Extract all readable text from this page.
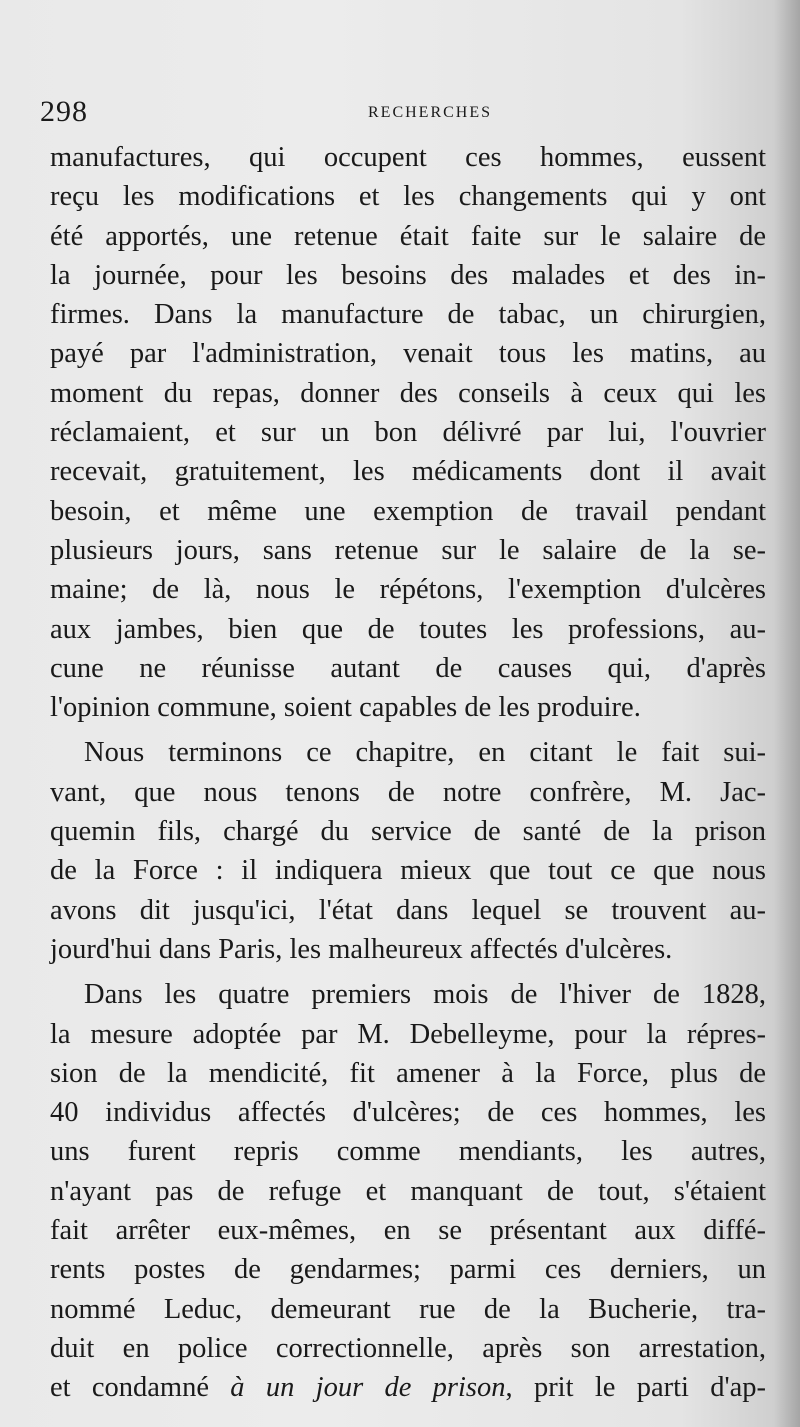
298	RECHERCHES
manufactures, qui occupent ces hommes, eussent
reçu les modifications et les changements qui y ont
été apportés, une retenue était faite sur le salaire de
la journée, pour les besoins des malades et des in-
firmes. Dans la manufacture de tabac, un chirurgien,
payé par l'administration, venait tous les matins, au
moment du repas, donner des conseils à ceux qui les
réclamaient, et sur un bon délivré par lui, l'ouvrier
recevait, gratuitement, les médicaments dont il avait
besoin, et même une exemption de travail pendant
plusieurs jours, sans retenue sur le salaire de la se-
maine; de là, nous le répétons, l'exemption d'ulcères
aux jambes, bien que de toutes les professions, au-
cune ne réunisse autant de causes qui, d'après
l'opinion commune, soient capables de les produire.
Nous terminons ce chapitre, en citant le fait sui-
vant, que nous tenons de notre confrère, M. Jac-
quemin fils, chargé du service de santé de la prison
de la Force : il indiquera mieux que tout ce que nous
avons dit jusqu'ici, l'état dans lequel se trouvent au-
jourd'hui dans Paris, les malheureux affectés d'ulcères.
Dans les quatre premiers mois de l'hiver de 1828,
la mesure adoptée par M. Debelleyme, pour la répres-
sion de la mendicité, fit amener à la Force, plus de
40 individus affectés d'ulcères; de ces hommes, les
uns furent repris comme mendiants, les autres,
n'ayant pas de refuge et manquant de tout, s'étaient
fait arrêter eux-mêmes, en se présentant aux diffé-
rents postes de gendarmes; parmi ces derniers, un
nommé Leduc, demeurant rue de la Bucherie, tra-
duit en police correctionnelle, après son arrestation,
et condamné à un jour de prison, prit le parti d'ap-
